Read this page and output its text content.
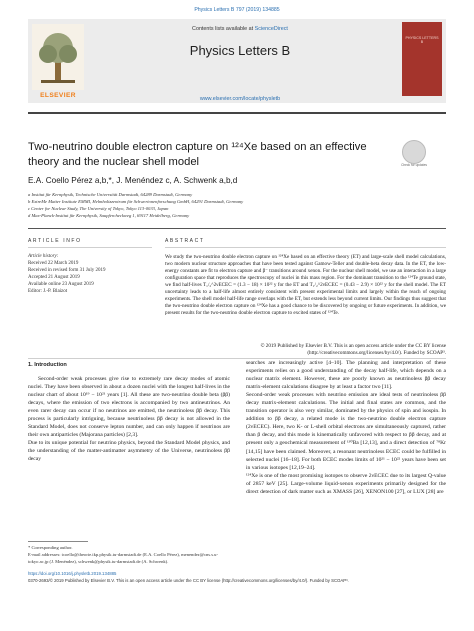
Physics Letters B 797 (2019) 134885
ELSEVIER
Contents lists available at ScienceDirect
Physics Letters B
www.elsevier.com/locate/physletb
PHYSICS LETTERS B
Two-neutrino double electron capture on ¹²⁴Xe based on an effective theory and the nuclear shell model	Check for updates
E.A. Coello Pérez a,b,*, J. Menéndez c, A. Schwenk a,b,d
a Institut für Kernphysik, Technische Universität Darmstadt, 64289 Darmstadt, Germany
b ExtreMe Matter Institute EMMI, Helmholtzzentrum für Schwerionenforschung GmbH, 64291 Darmstadt, Germany
c Center for Nuclear Study, The University of Tokyo, Tokyo 113-0033, Japan
d Max-Planck-Institut für Kernphysik, Saupfercheckweg 1, 69117 Heidelberg, Germany
ARTICLE INFO
Article history:
Received 22 March 2019
Received in revised form 31 July 2019
Accepted 21 August 2019
Available online 23 August 2019
Editor: J.-P. Blaizot
ABSTRACT
We study the two-neutrino double electron capture on ¹²⁴Xe based on an effective theory (ET) and large-scale shell model calculations, two modern nuclear structure approaches that have been tested against Gamow-Teller and double-beta decay data. In the ET, the low-energy constants are fit to electron capture and β⁻ transitions around xenon. For the nuclear shell model, we use an interaction in a large configuration space that reproduces the spectroscopy of nuclei in this mass region. For the dominant transition to the ¹²⁴Te ground state, we find half-lives T₁/₂^2νECEC = (1.3 − 18) × 10²² y for the ET and T₁/₂^2νECEC = (0.43 − 2.9) × 10²² y for the shell model. The ET uncertainty leads to a half-life almost entirely consistent with present experimental limits and largely within the reach of ongoing experiments. The shell model half-life range overlaps with the ET, but extends less beyond current limits. Our findings thus suggest that the two-neutrino double electron capture on ¹²⁴Xe has a good chance to be discovered by ongoing or future experiments. In addition, we present results for the two-neutrino double electron capture to excited states of ¹²⁴Te.
© 2019 Published by Elsevier B.V. This is an open access article under the CC BY license (http://creativecommons.org/licenses/by/4.0/). Funded by SCOAP³.
1. Introduction
Second-order weak processes give rise to extremely rare decay modes of atomic nuclei. They have been observed in about a dozen nuclei with the longest half-lives in the nuclear chart of about 10¹⁹ − 10²¹ years [1]. All these are two-neutrino double beta (ββ) decays, where the emission of two electrons is accompanied by two antineutrinos. An even rarer decay can occur if no neutrinos are emitted, the neutrinoless ββ decay. This process is particularly intriguing, because neutrinoless ββ decay is not allowed in the Standard Model, does not conserve lepton number, and can only happen if neutrinos are their own antiparticles (Majorana particles) [2,3].
Due to its unique potential for neutrino physics, beyond the Standard Model physics, and the understanding of the matter-antimatter asymmetry of the Universe, neutrinoless ββ decay
searches are increasingly active [4–10]. The planning and interpretation of these experiments relies on a good understanding of the decay half-life, which depends on a nuclear matrix element. However, these are poorly known as neutrinoless ββ decay matrix-element calculations disagree by at least a factor two [11].
Second-order weak processes with neutrino emission are ideal tests of neutrinoless ββ decay matrix-element calculations. The initial and final states are common, and the transition operator is also very similar, dominated by the physics of spin and isospin. In addition to ββ decay, a related mode is the two-neutrino double electron capture (2νECEC). Here, two K- or L-shell orbital electrons are simultaneously captured, rather than β decay, and this mode is kinematically unfavored with respect to ββ decay, and at present only a geochemical measurement of ¹³⁰Ba [12,13], and a direct detection of ⁷⁸Kr [14,15] have been claimed. Moreover, a resonant neutrinoless ECEC could be fulfilled in selected nuclei [16–18]. For both ECEC modes limits of 10²¹ − 10²² years have been set in various isotopes [12,19–24].
¹²⁴Xe is one of the most promising isotopes to observe 2νECEC due to its largest Q-value of 2857 keV [25]. Large-volume liquid-xenon experiments primarily designed for the direct detection of dark matter such as XMASS [26], XENON100 [27], or LUX [28] are
* Corresponding author.
E-mail addresses: tcoello@theorie.ikp.physik.tu-darmstadt.de (E.A. Coello Pérez), menendez@cns.s.u-tokyo.ac.jp (J. Menéndez), schwenk@physik.tu-darmstadt.de (A. Schwenk).
https://doi.org/10.1016/j.physletb.2019.134885
0370-2693/© 2019 Published by Elsevier B.V. This is an open access article under the CC BY license (http://creativecommons.org/licenses/by/4.0/). Funded by SCOAP³.
